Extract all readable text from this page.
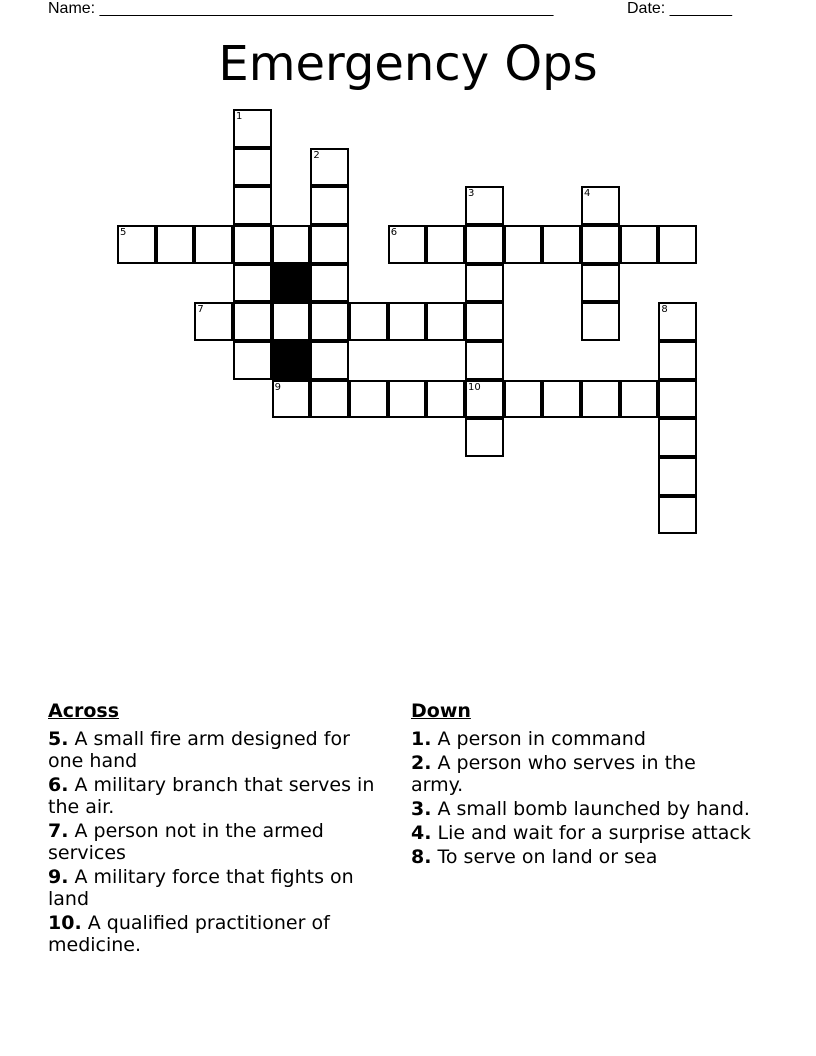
Name: ___________________________________________________	Date: _______
Emergency Ops
1
2
3	4
5	6
7	8
9	10
Across
5. A small fire arm designed for one hand
6. A military branch that serves in the air.
7. A person not in the armed services
9. A military force that fights on land
10. A qualified practitioner of medicine.
Down
1. A person in command
2. A person who serves in the army.
3. A small bomb launched by hand.
4. Lie and wait for a surprise attack
8. To serve on land or sea
